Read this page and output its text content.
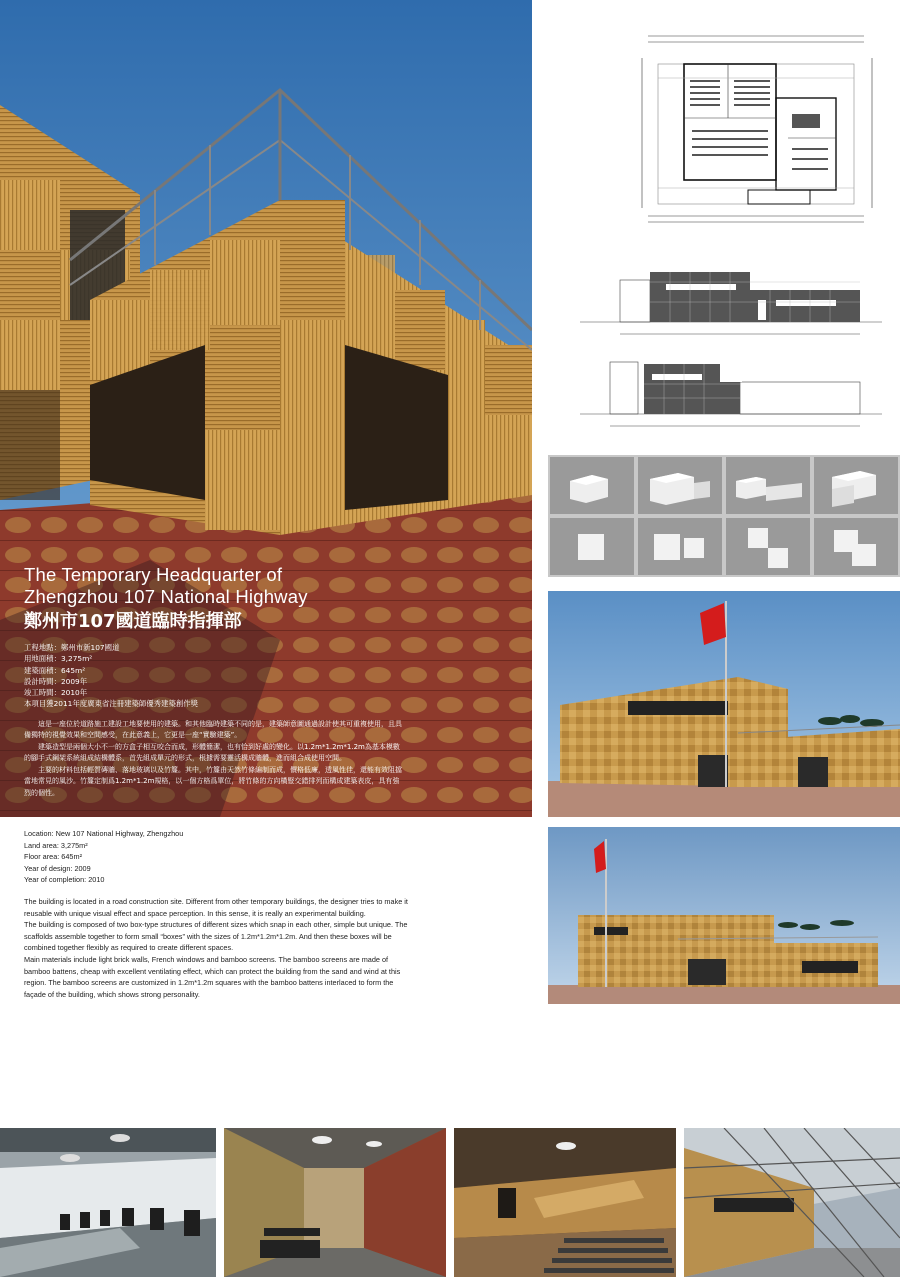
The Temporary Headquarter of
Zhengzhou 107 National Highway
鄭州市107國道臨時指揮部
工程地點：鄭州市新107國道
用地面積：3,275m²
建築面積：645m²
設計時間：2009年
竣工時間：2010年
本項目獲2011年度廣東省注冊建築師優秀建築創作獎

這是一座位於道路施工建設工地要使用的建築。和其他臨時建築不同的是，建築師意圖通過設計使其可重複使用，且具備獨特的視覺效果和空間感受，在此意義上，它更是一座“實驗建築”。

建築造型是兩個大小不一的方盒子相互咬合而成，形體簡潔，也有恰到好處的變化。以1.2m*1.2m*1.2m為基本模數的腳手式鋼架系統組成結構體系，首先組成單元的形式，根據需要靈活構成牆體，進而組合成使用空間。

主要的材料包括輕質磚牆、落地玻璃以及竹簾。其中，竹簾由天然竹條編制而成，價格低廉，透風性佳，還能有效阻擋當地常見的風沙。竹簾定制爲1.2m*1.2m規格，以一個方格爲單位，將竹條的方向橫豎交錯排列而構成建築表皮，具有強烈的個性。

Location: New 107 National Highway, Zhengzhou

Land area: 3,275m²

Floor area: 645m²

Year of design: 2009

Year of completion: 2010

The building is located in a road construction site. Different from other temporary buildings, the designer tries to make it reusable with unique visual effect and space perception. In this sense, it is really an experimental building.

The building is composed of two box-type structures of different sizes which snap in each other, simple but unique. The scaffolds assemble together to form small “boxes” with the sizes of 1.2m*1.2m*1.2m. And then these boxes will be combined together flexibly as required to create different spaces.

Main materials include light brick walls, French windows and bamboo screens. The bamboo screens are made of bamboo battens, cheap with excellent ventilating effect, which can protect the building from the sand and wind at this region. The bamboo screens are customized in 1.2m*1.2m squares with the bamboo battens interlaced to form the façade of the building, which shows strong personality.
